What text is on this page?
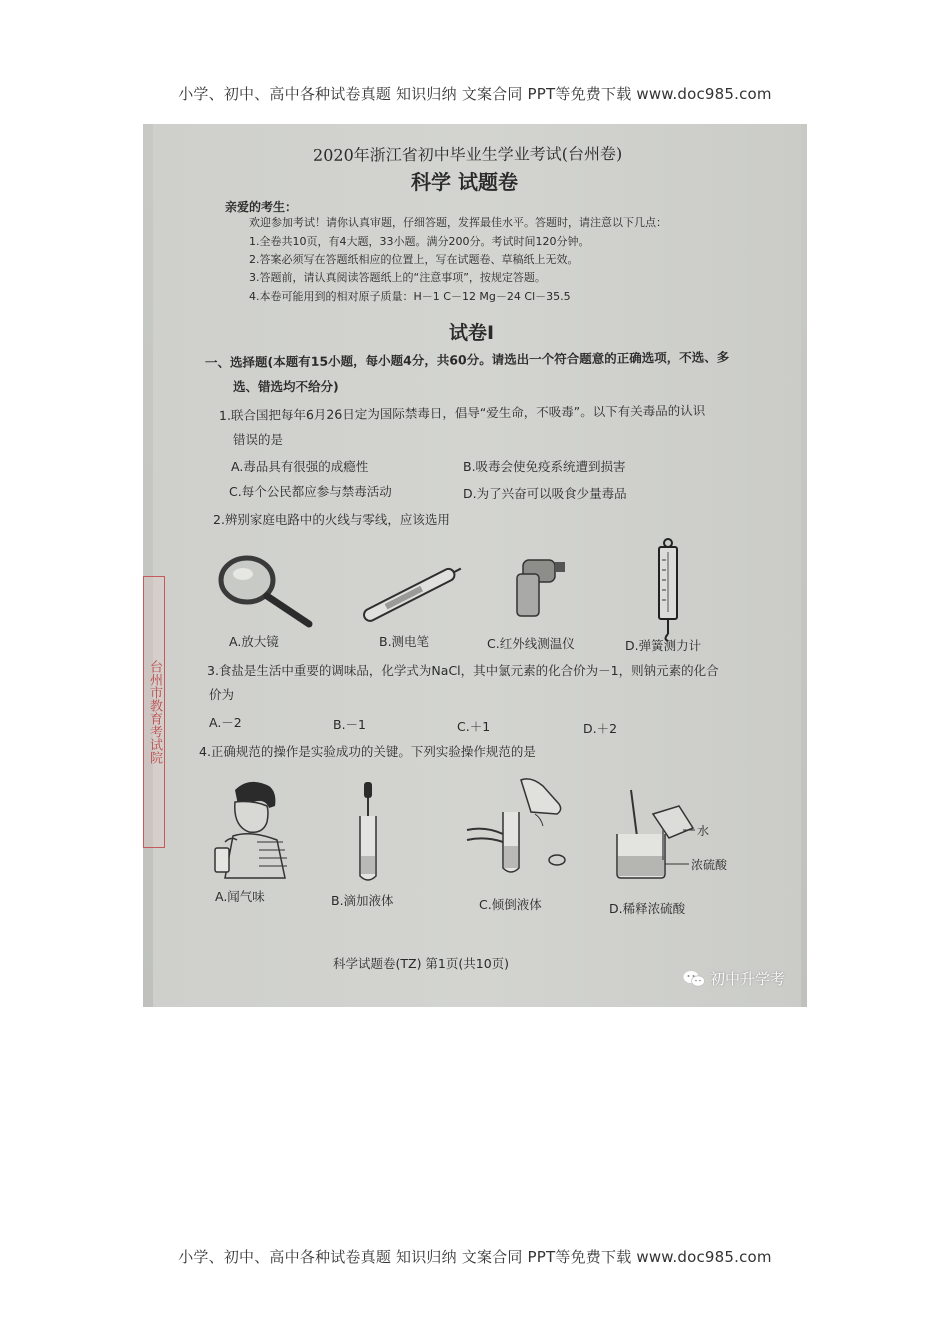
小学、初中、高中各种试卷真题 知识归纳 文案合同 PPT等免费下载 www.doc985.com
2020年浙江省初中毕业生学业考试(台州卷)
科学 试题卷
亲爱的考生：
欢迎参加考试！请你认真审题，仔细答题，发挥最佳水平。答题时，请注意以下几点：
1.全卷共10页，有4大题，33小题。满分200分。考试时间120分钟。
2.答案必须写在答题纸相应的位置上，写在试题卷、草稿纸上无效。
3.答题前，请认真阅读答题纸上的“注意事项”，按规定答题。
4.本卷可能用到的相对原子质量：H－1 C－12 Mg－24 Cl－35.5
试卷Ⅰ
一、选择题(本题有15小题，每小题4分，共60分。请选出一个符合题意的正确选项，不选、多
选、错选均不给分)
1.联合国把每年6月26日定为国际禁毒日，倡导“爱生命，不吸毒”。以下有关毒品的认识
错误的是
A.毒品具有很强的成瘾性	B.吸毒会使免疫系统遭到损害
C.每个公民都应参与禁毒活动	D.为了兴奋可以吸食少量毒品
2.辨别家庭电路中的火线与零线，应该选用
A.放大镜	B.测电笔	C.红外线测温仪	D.弹簧测力计
3.食盐是生活中重要的调味品，化学式为NaCl，其中氯元素的化合价为－1，则钠元素的化合
价为
A.－2	B.－1	C.＋1	D.＋2
4.正确规范的操作是实验成功的关键。下列实验操作规范的是
水
浓硫酸
A.闻气味	B.滴加液体	C.倾倒液体	D.稀释浓硫酸
科学试题卷(TZ) 第1页(共10页)
台州市教育考试院
初中升学考
小学、初中、高中各种试卷真题 知识归纳 文案合同 PPT等免费下载 www.doc985.com
